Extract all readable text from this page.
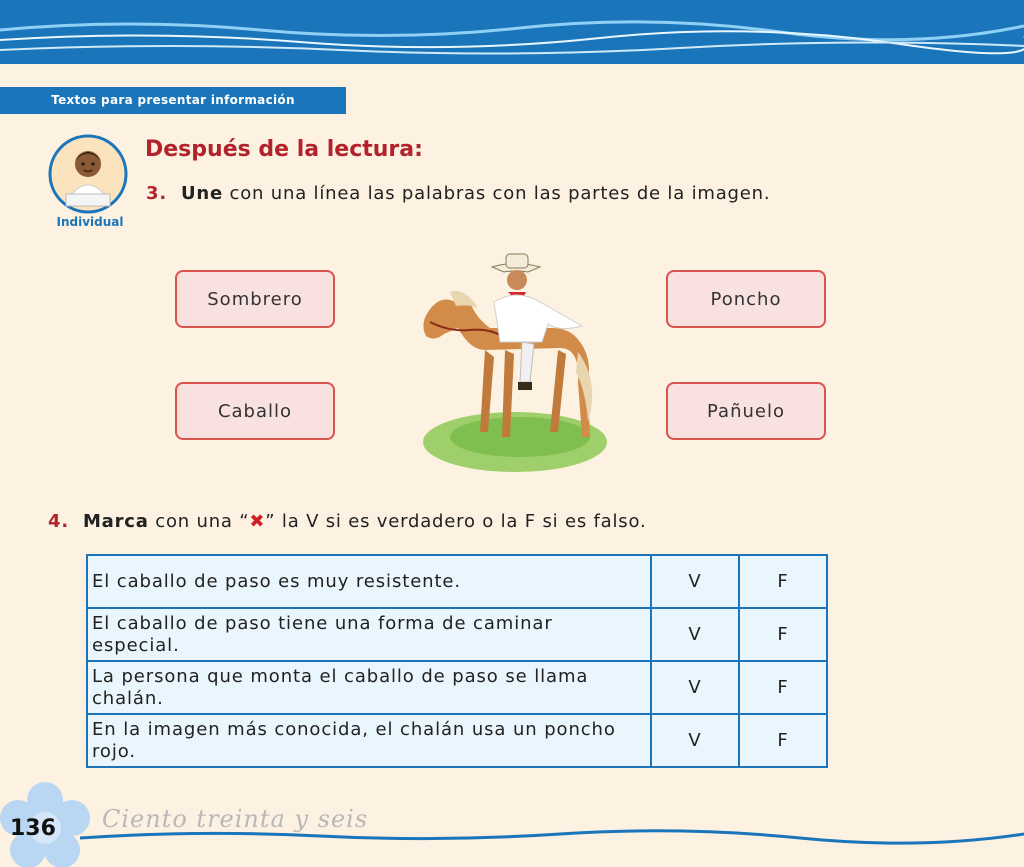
Textos para presentar información
Individual
Después de la lectura:
3. Une con una línea las palabras con las partes de la imagen.
Sombrero	Poncho
Caballo	Pañuelo
4. Marca con una “✖” la V si es verdadero o la F si es falso.
El caballo de paso es muy resistente.	V	F
El caballo de paso tiene una forma de caminar especial.	V	F
La persona que monta el caballo de paso se llama chalán.	V	F
En la imagen más conocida, el chalán usa un poncho rojo.	V	F
136 Ciento treinta y seis
